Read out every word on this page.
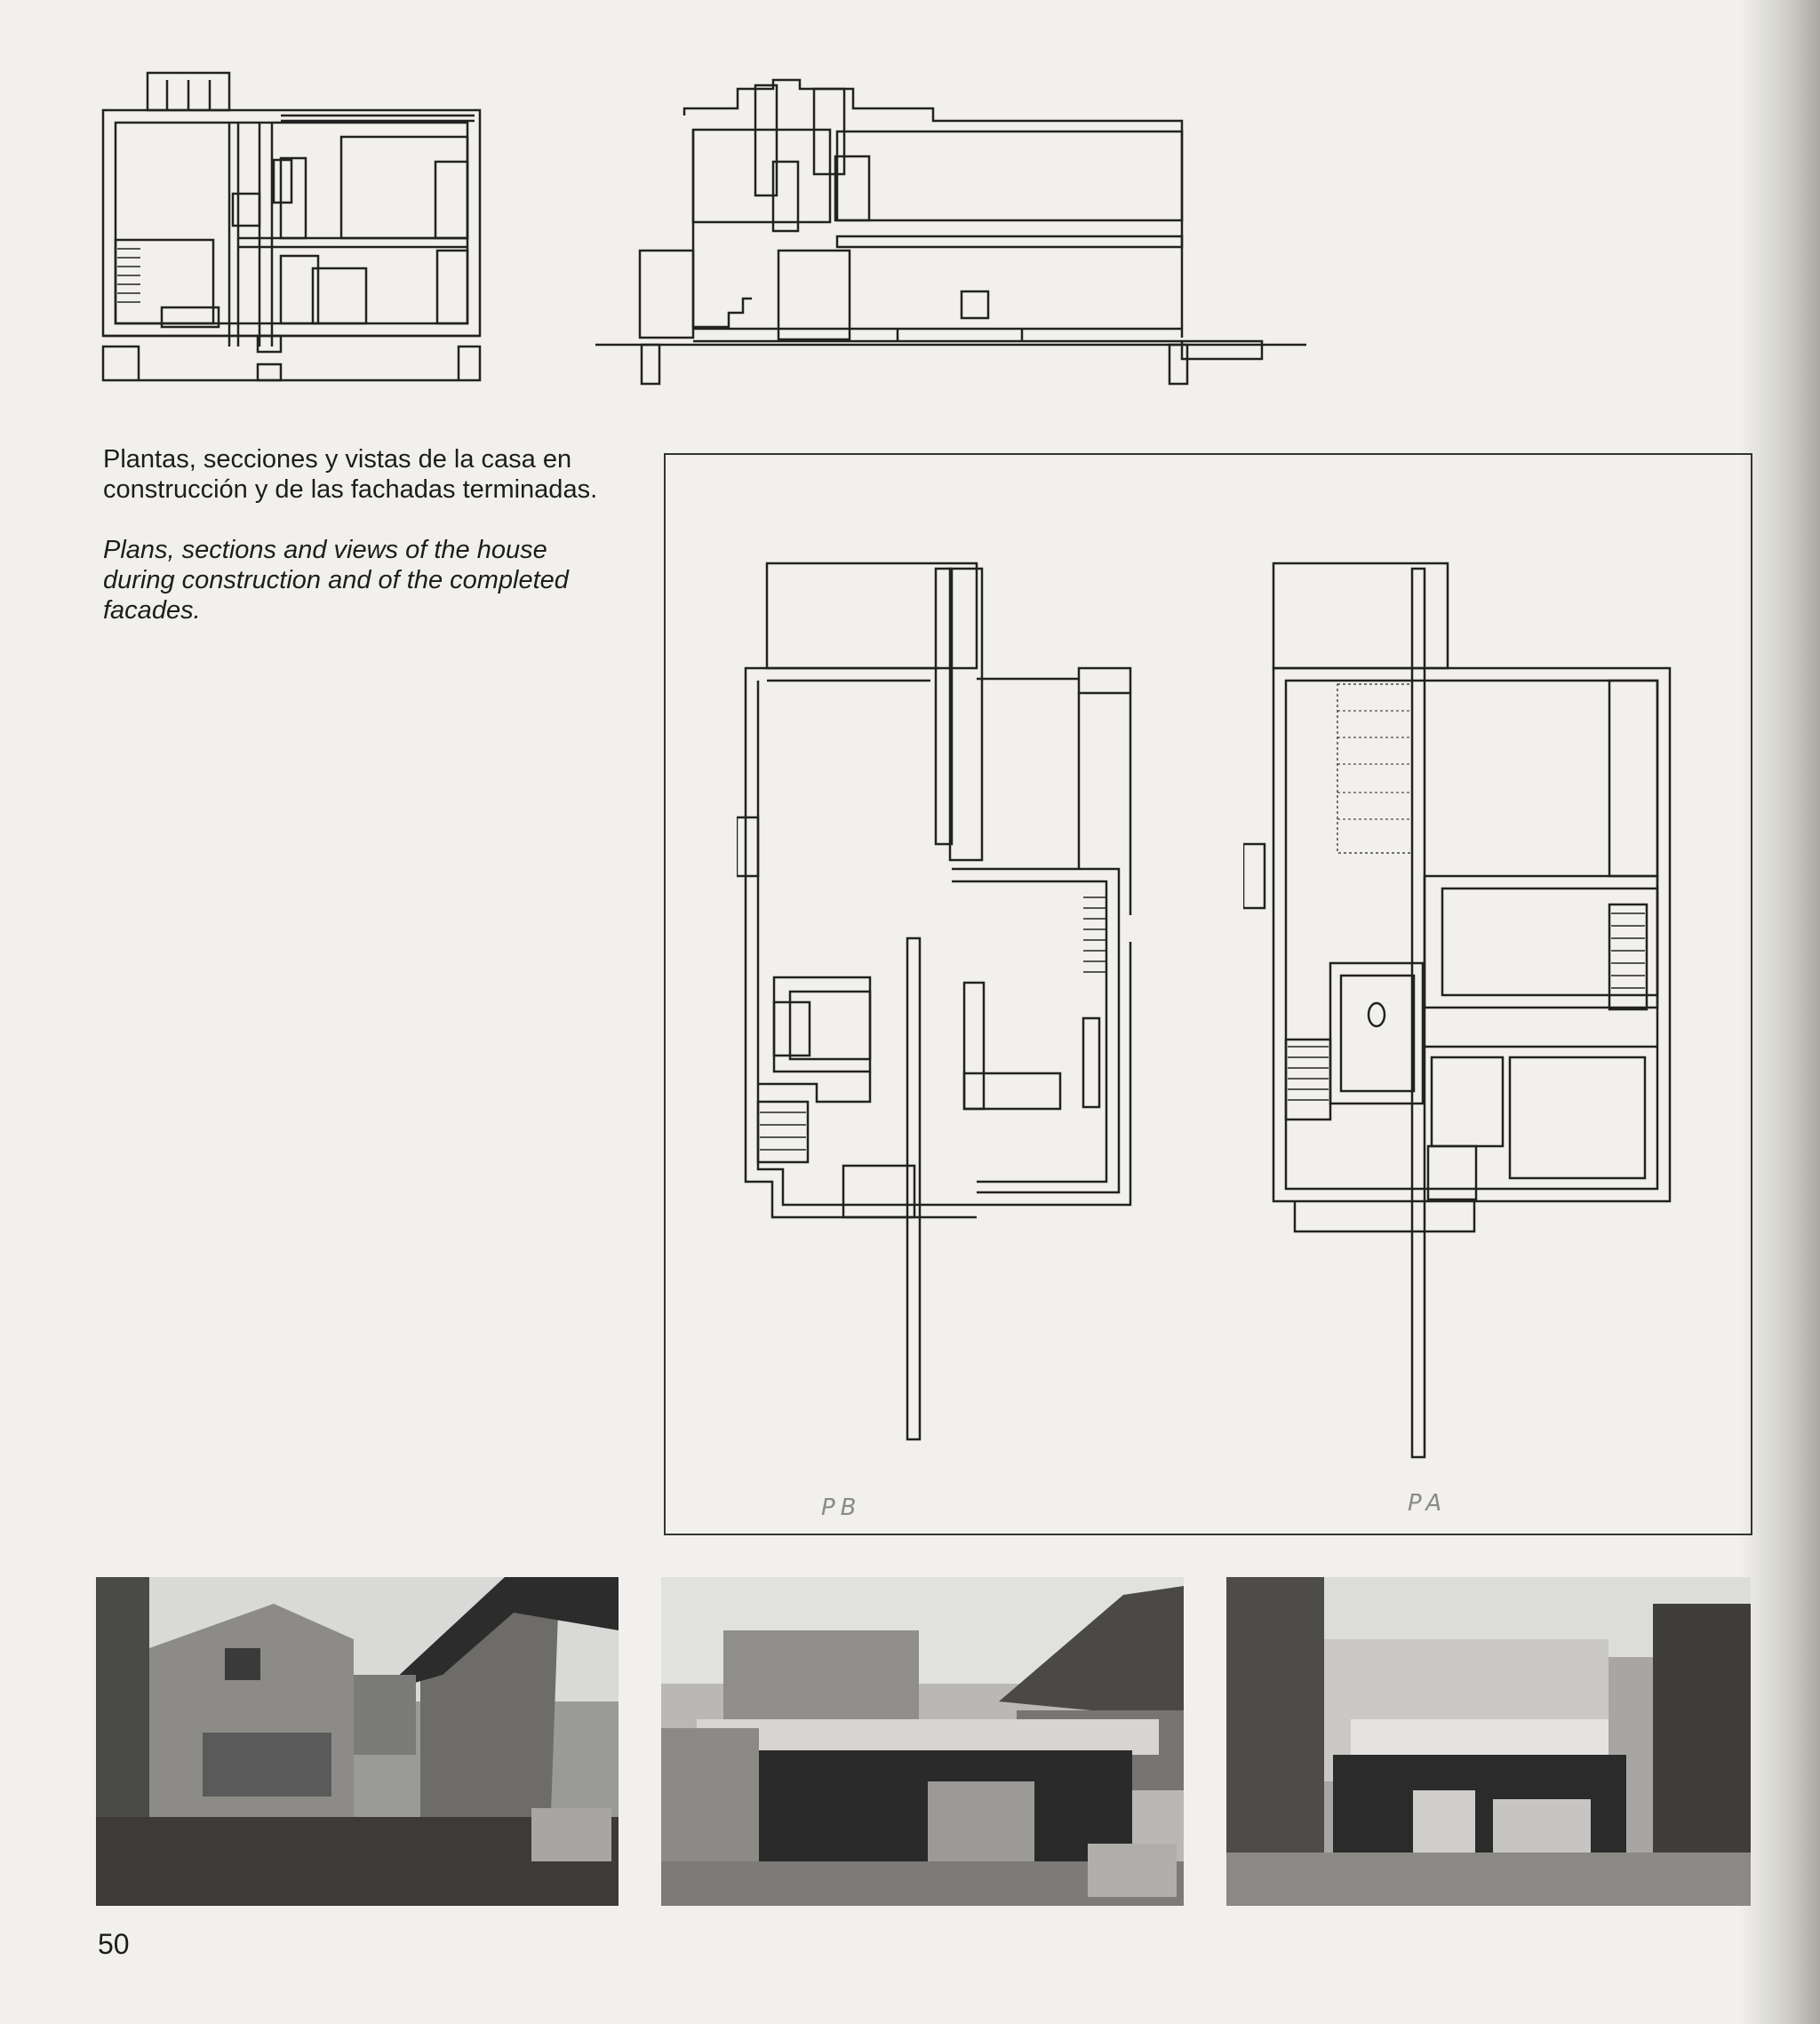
Plantas, secciones y vistas de la casa en construcción y de las fachadas terminadas.

Plans, sections and views of the house during construction and of the completed facades.

PB	PA
50
